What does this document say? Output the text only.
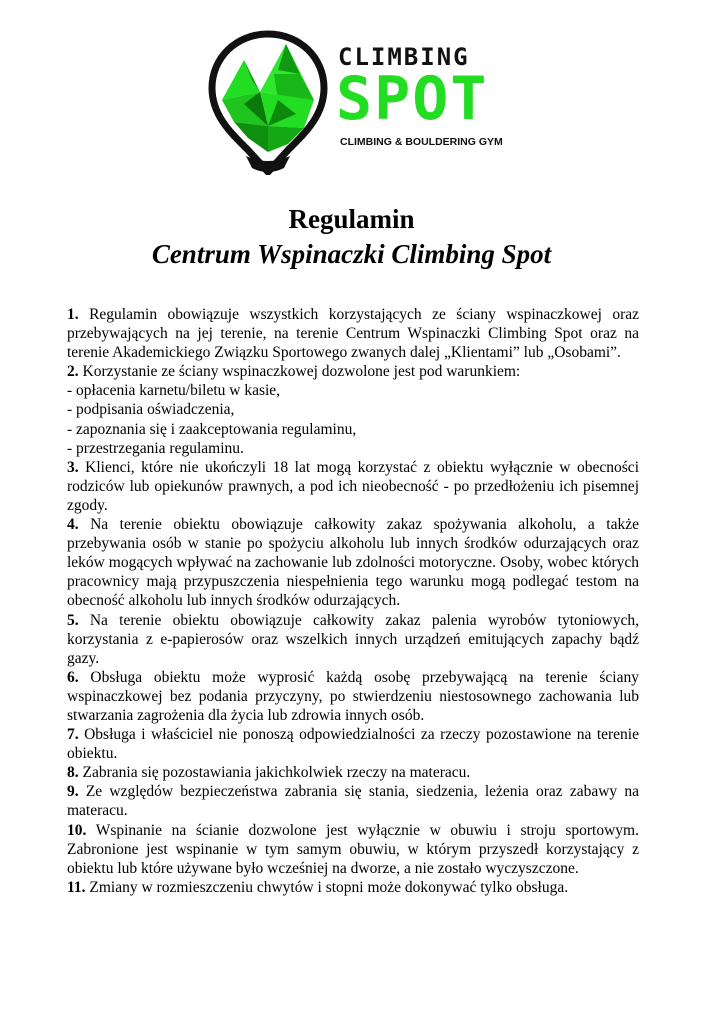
CLIMBING
SPOT
CLIMBING & BOULDERING GYM
Regulamin
Centrum Wspinaczki Climbing Spot

1. Regulamin obowiązuje wszystkich korzystających ze ściany wspinaczkowej oraz przebywających na jej terenie, na terenie Centrum Wspinaczki Climbing Spot oraz na terenie Akademickiego Związku Sportowego zwanych dalej „Klientami” lub „Osobami”.

2. Korzystanie ze ściany wspinaczkowej dozwolone jest pod warunkiem:

- opłacenia karnetu/biletu w kasie,
- podpisania oświadczenia,
- zapoznania się i zaakceptowania regulaminu,
- przestrzegania regulaminu.

3. Klienci, które nie ukończyli 18 lat mogą korzystać z obiektu wyłącznie w obecności rodziców lub opiekunów prawnych, a pod ich nieobecność - po przedłożeniu ich pisemnej zgody.

4. Na terenie obiektu obowiązuje całkowity zakaz spożywania alkoholu, a także przebywania osób w stanie po spożyciu alkoholu lub innych środków odurzających oraz leków mogących wpływać na zachowanie lub zdolności motoryczne. Osoby, wobec których pracownicy mają przypuszczenia niespełnienia tego warunku mogą podlegać testom na obecność alkoholu lub innych środków odurzających.

5. Na terenie obiektu obowiązuje całkowity zakaz palenia wyrobów tytoniowych, korzystania z e-papierosów oraz wszelkich innych urządzeń emitujących zapachy bądź gazy.

6. Obsługa obiektu może wyprosić każdą osobę przebywającą na terenie ściany wspinaczkowej bez podania przyczyny, po stwierdzeniu niestosownego zachowania lub stwarzania zagrożenia dla życia lub zdrowia innych osób.

7. Obsługa i właściciel nie ponoszą odpowiedzialności za rzeczy pozostawione na terenie obiektu.

8. Zabrania się pozostawiania jakichkolwiek rzeczy na materacu.

9. Ze względów bezpieczeństwa zabrania się stania, siedzenia, leżenia oraz zabawy na materacu.

10. Wspinanie na ścianie dozwolone jest wyłącznie w obuwiu i stroju sportowym. Zabronione jest wspinanie w tym samym obuwiu, w którym przyszedł korzystający z obiektu lub które używane było wcześniej na dworze, a nie zostało wyczyszczone.

11. Zmiany w rozmieszczeniu chwytów i stopni może dokonywać tylko obsługa.
